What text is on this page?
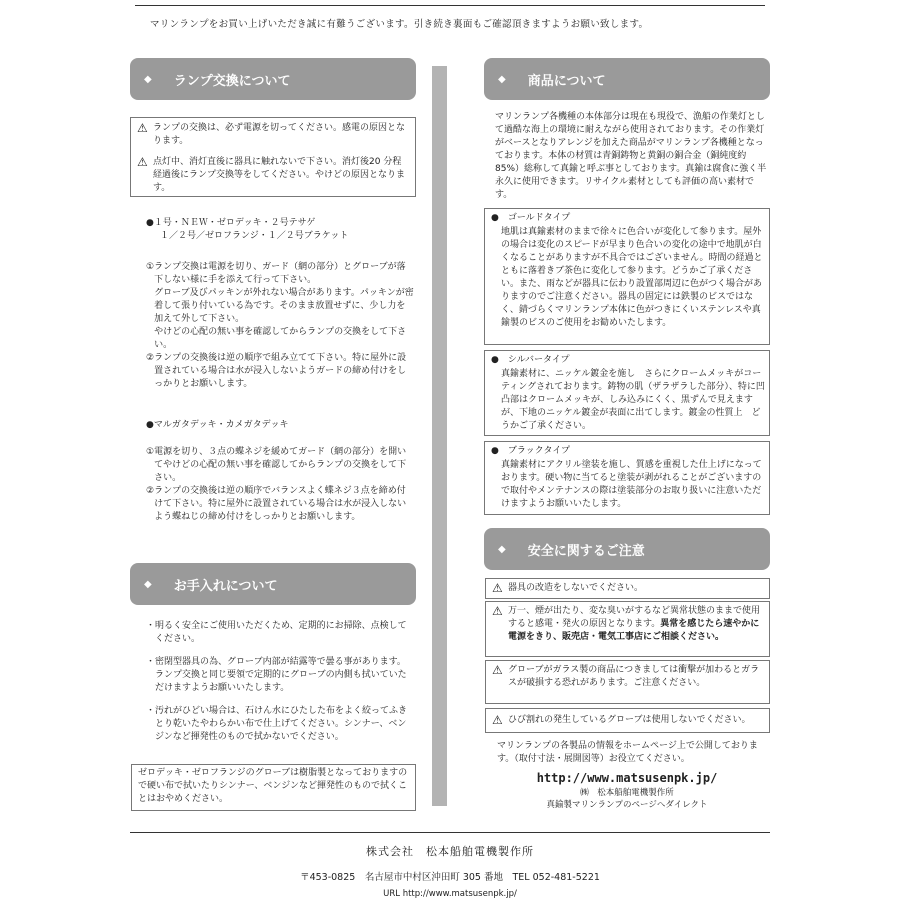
マリンランプをお買い上げいただき誠に有難うございます。引き続き裏面もご確認頂きますようお願い致します。
◆ ランプ交換について
⚠ ランプの交換は、必ず電源を切ってください。感電の原因となります。
⚠ 点灯中、消灯直後に器具に触れないで下さい。消灯後20 分程経過後にランプ交換等をしてください。やけどの原因となります。
●１号・ＮＥＷ・ゼロデッキ・２号テサゲ
１／２号／ゼロフランジ・１／２号ブラケット
① ランプ交換は電源を切り、ガード（網の部分）とグローブが落下しない様に手を添えて行って下さい。
グローブ及びパッキンが外れない場合があります。パッキンが密着して張り付いている為です。そのまま放置せずに、少し力を加えて外して下さい。
やけどの心配の無い事を確認してからランプの交換をして下さい。
② ランプの交換後は逆の順序で組み立てて下さい。特に屋外に設置されている場合は水が浸入しないようガードの締め付けをしっかりとお願いします。
●マルガタデッキ・カメガタデッキ
① 電源を切り、３点の蝶ネジを緩めてガード（網の部分）を開いてやけどの心配の無い事を確認してからランプの交換をして下さい。
② ランプの交換後は逆の順序でバランスよく蝶ネジ３点を締め付けて下さい。特に屋外に設置されている場合は水が浸入しないよう蝶ねじの締め付けをしっかりとお願いします。
◆ お手入れについて
・ 明るく安全にご使用いただくため、定期的にお掃除、点検してください。
・ 密閉型器具の為、グローブ内部が結露等で曇る事があります。ランプ交換と同じ要領で定期的にグローブの内側も拭いていただけますようお願いいたします。
・ 汚れがひどい場合は、石けん水にひたした布をよく絞ってふきとり乾いたやわらかい布で仕上げてください。シンナー、ベンジンなど揮発性のもので拭かないでください。
ゼロデッキ・ゼロフランジのグローブは樹脂製となっておりますので硬い布で拭いたりシンナー、ベンジンなど揮発性のもので拭くことはおやめください。
◆ 商品について
マリンランプ各機種の本体部分は現在も現役で、漁船の作業灯として過酷な海上の環境に耐えながら使用されております。その作業灯がベースとなりアレンジを加えた商品がマリンランプ各機種となっております。本体の材質は青銅鋳物と黄銅の銅合金（銅純度約85%）総称して真鍮と呼ぶ事としております。真鍮は腐食に強く半永久に使用できます。リサイクル素材としても評価の高い素材です。
●　ゴールドタイプ
地肌は真鍮素材のままで徐々に色合いが変化して参ります。屋外の場合は変化のスピードが早まり色合いの変化の途中で地肌が白くなることがありますが不具合ではございません。時間の経過とともに落着きブ茶色に変化して参ります。どうかご了承ください。また、雨などが器具に伝わり設置部周辺に色がつく場合がありますのでご注意ください。器具の固定には鉄製のビスではなく、錆づらくマリンランプ本体に色がつきにくいステンレスや真鍮製のビスのご使用をお勧めいたします。
●　シルバータイプ
真鍮素材に、ニッケル鍍金を施し　さらにクロームメッキがコーティングされております。鋳物の肌（ザラザラした部分）、特に凹凸部はクロームメッキが、しみ込みにくく、黒ずんで見えますが、下地のニッケル鍍金が表面に出てします。鍍金の性質上　どうかご了承ください。
●　ブラックタイプ
真鍮素材にアクリル塗装を施し、質感を重視した仕上げになっております。硬い物に当てると塗装が剥がれることがございますので取付やメンテナンスの際は塗装部分のお取り扱いに注意いただけますようお願いいたします。
◆ 安全に関するご注意
⚠ 器具の改造をしないでください。
⚠ 万一、煙が出たり、変な臭いがするなど異常状態のままで使用すると感電・発火の原因となります。異常を感じたら速やかに電源をきり、販売店・電気工事店にご相談ください。
⚠ グローブがガラス製の商品につきましては衝撃が加わるとガラスが破損する恐れがあります。ご注意ください。
⚠ ひび割れの発生しているグローブは使用しないでください。
マリンランプの各製品の情報をホームページ上で公開しております。（取付寸法・展開図等）お役立てください。
http://www.matsusenpk.jp/
㈱　松本船舶電機製作所
真鍮製マリンランプのページへダイレクト
株式会社　松本船舶電機製作所
〒453-0825　名古屋市中村区沖田町 305 番地　TEL 052-481-5221
URL http://www.matsusenpk.jp/
